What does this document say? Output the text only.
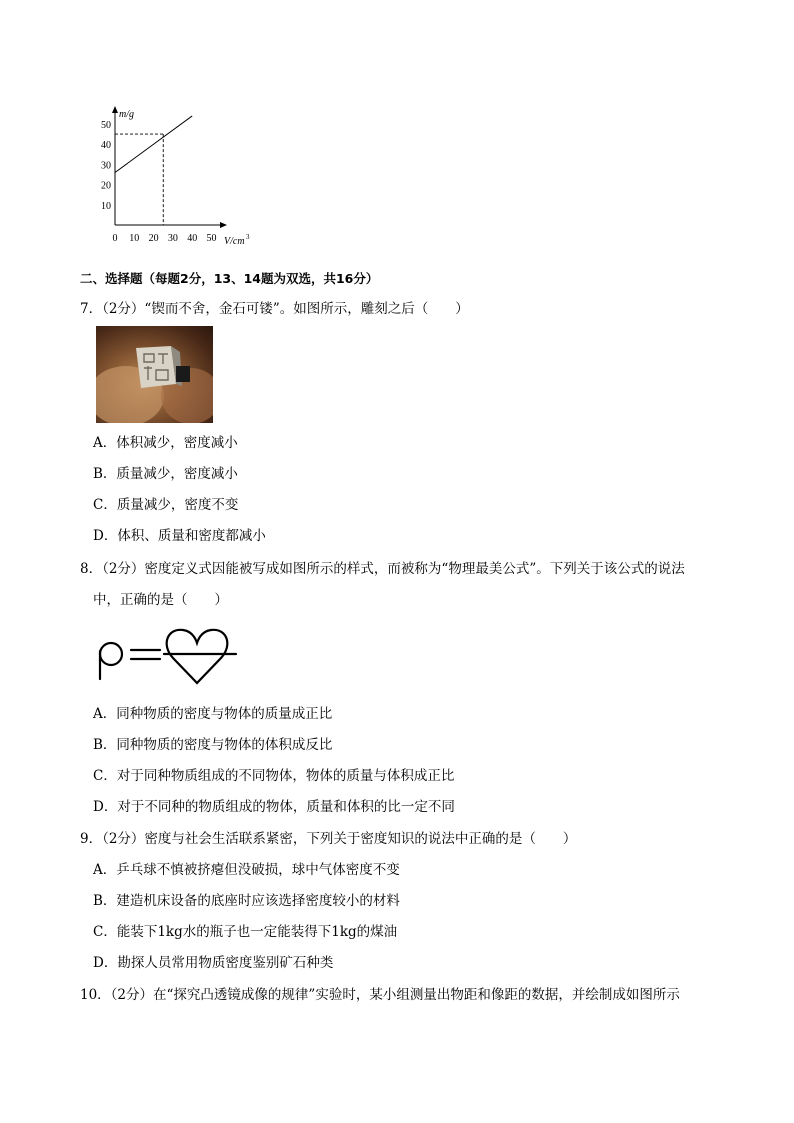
10
20
30
40
50
0 10 20 30 40 50
m/g
V/cm 3
二、选择题（每题2分，13、14题为双选，共16分）
7．（2分）“锲而不舍，金石可镂”。如图所示，雕刻之后（　　）
A．体积减少，密度减小
B．质量减少，密度减小
C．质量减少，密度不变
D．体积、质量和密度都减小
8．（2分）密度定义式因能被写成如图所示的样式，而被称为“物理最美公式”。下列关于该公式的说法
中，正确的是（　　）
A．同种物质的密度与物体的质量成正比
B．同种物质的密度与物体的体积成反比
C．对于同种物质组成的不同物体，物体的质量与体积成正比
D．对于不同种的物质组成的物体，质量和体积的比一定不同
9．（2分）密度与社会生活联系紧密，下列关于密度知识的说法中正确的是（　　）
A．乒乓球不慎被挤瘪但没破损，球中气体密度不变
B．建造机床设备的底座时应该选择密度较小的材料
C．能装下1kg水的瓶子也一定能装得下1kg的煤油
D．勘探人员常用物质密度鉴别矿石种类
10．（2分）在“探究凸透镜成像的规律”实验时，某小组测量出物距和像距的数据，并绘制成如图所示
